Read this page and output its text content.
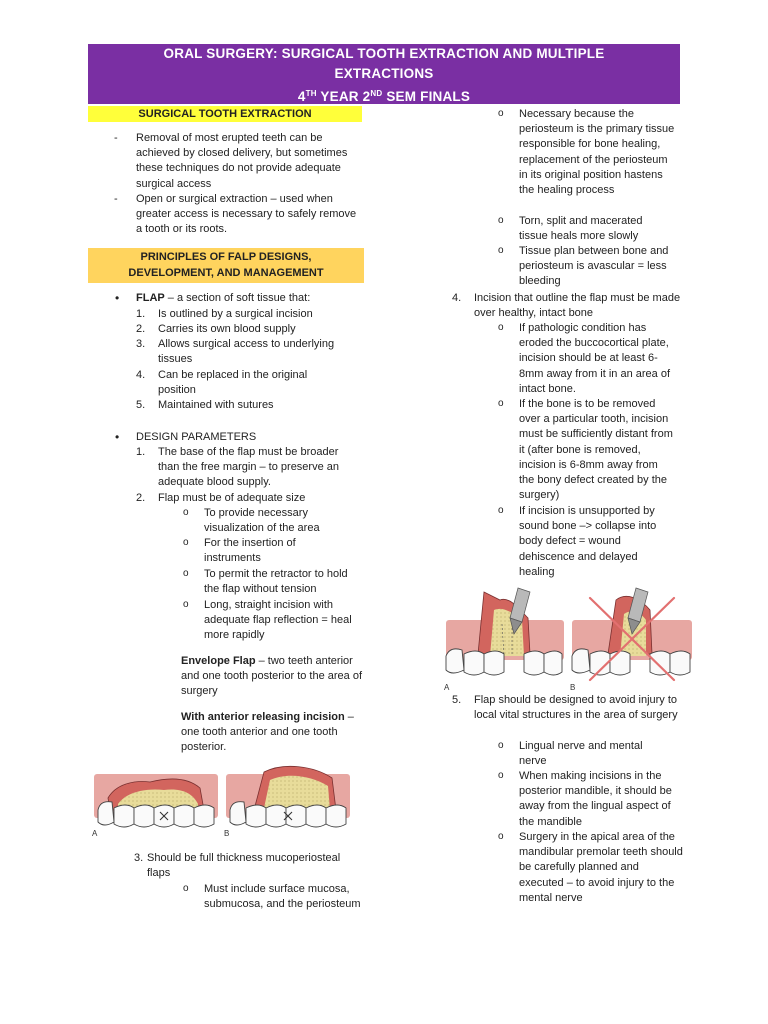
ORAL SURGERY: SURGICAL TOOTH EXTRACTION AND MULTIPLE
EXTRACTIONS
4TH YEAR 2ND SEM FINALS
SURGICAL TOOTH EXTRACTION
- Removal of most erupted teeth can be achieved by closed delivery, but sometimes these techniques do not provide adequate surgical access
- Open or surgical extraction – used when greater access is necessary to safely remove a tooth or its roots.
PRINCIPLES OF FALP DESIGNS,
DEVELOPMENT, AND MANAGEMENT
• FLAP – a section of soft tissue that:
1. Is outlined by a surgical incision
2. Carries its own blood supply
3. Allows surgical access to underlying tissues
4. Can be replaced in the original position
5. Maintained with sutures
• DESIGN PARAMETERS
1. The base of the flap must be broader than the free margin – to preserve an adequate blood supply.
2. Flap must be of adequate size
o To provide necessary visualization of the area
o For the insertion of instruments
o To permit the retractor to hold the flap without tension
o Long, straight incision with adequate flap reflection = heal more rapidly
Envelope Flap – two teeth anterior and one tooth posterior to the area of surgery
With anterior releasing incision – one tooth anterior and one tooth posterior.
A	B
3. Should be full thickness mucoperiosteal flaps
o Must include surface mucosa, submucosa, and the periosteum
o Necessary because the periosteum is the primary tissue responsible for bone healing, replacement of the periosteum in its original position hastens the healing process
o Torn, split and macerated tissue heals more slowly
o Tissue plan between bone and periosteum is avascular = less bleeding
4. Incision that outline the flap must be made over healthy, intact bone
o If pathologic condition has eroded the buccocortical plate, incision should be at least 6-8mm away from it in an area of intact bone.
o If the bone is to be removed over a particular tooth, incision must be sufficiently distant from it (after bone is removed, incision is 6-8mm away from the bony defect created by the surgery)
o If incision is unsupported by sound bone –> collapse into body defect = wound dehiscence and delayed healing
A	B
5. Flap should be designed to avoid injury to local vital structures in the area of surgery
o Lingual nerve and mental nerve
o When making incisions in the posterior mandible, it should be away from the lingual aspect of the mandible
o Surgery in the apical area of the mandibular premolar teeth should be carefully planned and executed – to avoid injury to the mental nerve
